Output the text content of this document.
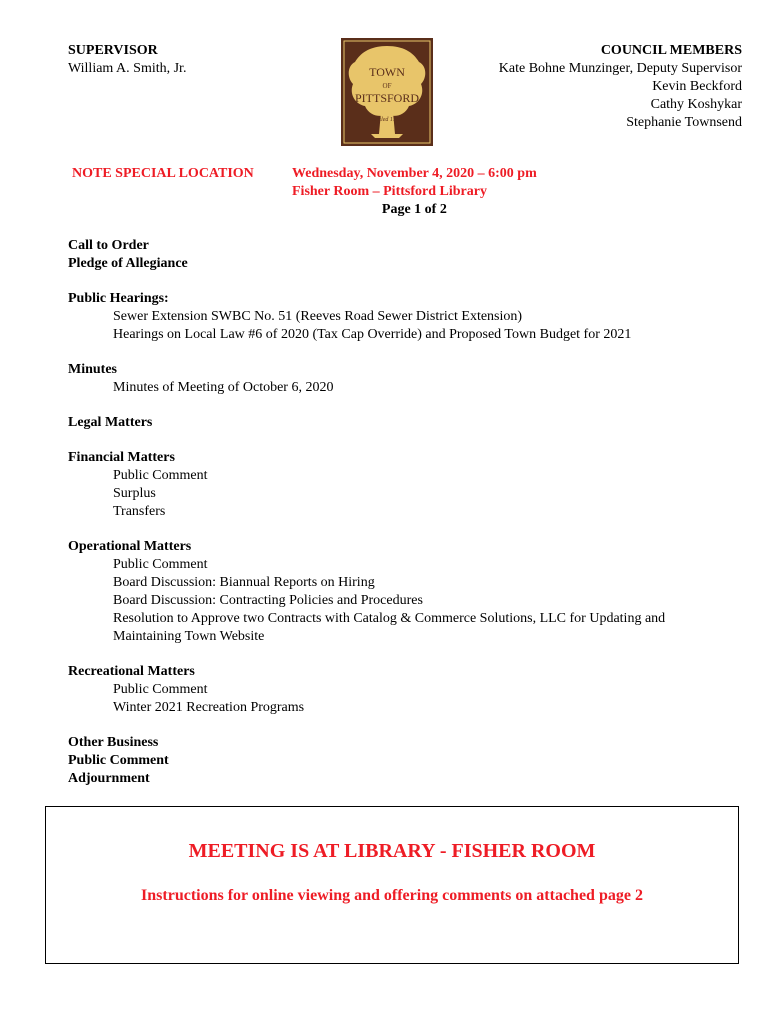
SUPERVISOR
William A. Smith, Jr.	TOWN
OF
PITTSFORD
Settled 1789
COUNCIL MEMBERS
Kate Bohne Munzinger, Deputy Supervisor
Kevin Beckford
Cathy Koshykar
Stephanie Townsend
NOTE SPECIAL LOCATION	Wednesday, November 4, 2020 – 6:00 pm
Fisher Room – Pittsford Library
Page 1 of 2
Call to Order
Pledge of Allegiance
Public Hearings:
Sewer Extension SWBC No. 51 (Reeves Road Sewer District Extension)
Hearings on Local Law #6 of 2020 (Tax Cap Override) and Proposed Town Budget for 2021
Minutes
Minutes of Meeting of October 6, 2020
Legal Matters
Financial Matters
Public Comment
Surplus
Transfers
Operational Matters
Public Comment
Board Discussion: Biannual Reports on Hiring
Board Discussion: Contracting Policies and Procedures
Resolution to Approve two Contracts with Catalog & Commerce Solutions, LLC for Updating and Maintaining Town Website
Recreational Matters
Public Comment
Winter 2021 Recreation Programs
Other Business
Public Comment
Adjournment
MEETING IS AT LIBRARY - FISHER ROOM
Instructions for online viewing and offering comments on attached page 2
